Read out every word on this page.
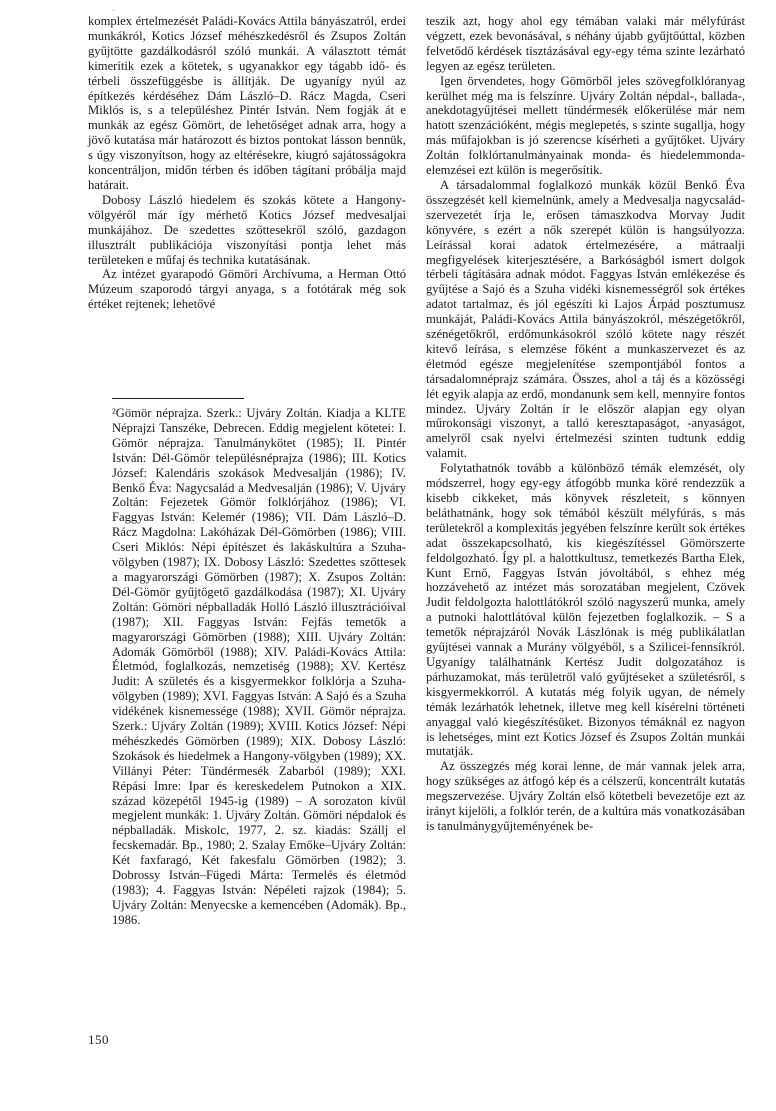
·

komplex értelmezését Paládi-Kovács Attila bányászatról, erdei munkákról, Kotics József méhészkedésről és Zsupos Zoltán gyűjtötte gazdálkodásról szóló munkái. A választott témát kimerítik ezek a kötetek, s ugyanakkor egy tágabb idő- és térbeli összefüggésbe is állítják. De ugyanígy nyúl az építkezés kérdéséhez Dám László–D. Rácz Magda, Cseri Miklós is, s a településhez Pintér István. Nem fogják át e munkák az egész Gömört, de lehetőséget adnak arra, hogy a jövő kutatása már határozott és biztos pontokat lásson bennük, s úgy viszonyítson, hogy az eltérésekre, kiugró sajátosságokra koncentráljon, midőn térben és időben tágítani próbálja majd határait.

Dobosy László hiedelem és szokás kötete a Hangony-völgyéről már így mérhető Kotics József medvesaljai munkájához. De szedettes szőttesekről szóló, gazdagon illusztrált publikációja viszonyítási pontja lehet más területeken e műfaj és technika kutatásának.

Az intézet gyarapodó Gömöri Archívuma, a Herman Ottó Múzeum szaporodó tárgyi anyaga, s a fotótárak még sok értéket rejtenek; lehetővé

²Gömör néprajza. Szerk.: Ujváry Zoltán. Kiadja a KLTE Néprajzi Tanszéke, Debrecen. Eddig megjelent kötetei: I. Gömör néprajza. Tanulmánykötet (1985); II. Pintér István: Dél-Gömör településnéprajza (1986); III. Kotics József: Kalendáris szokások Medvesalján (1986); IV. Benkő Éva: Nagycsalád a Medvesalján (1986); V. Ujváry Zoltán: Fejezetek Gömör folklórjához (1986); VI. Faggyas István: Kelemér (1986); VII. Dám László–D. Rácz Magdolna: Lakóházak Dél-Gömörben (1986); VIII. Cseri Miklós: Népi építészet és lakáskultúra a Szuha-völgyben (1987); IX. Dobosy László: Szedettes szőttesek a magyarországi Gömörben (1987); X. Zsupos Zoltán: Dél-Gömör gyűjtőgető gazdálkodása (1987); XI. Ujváry Zoltán: Gömöri népballadák Holló László illusztrációival (1987); XII. Faggyas István: Fejfás temetők a magyarországi Gömörben (1988); XIII. Ujváry Zoltán: Adomák Gömörből (1988); XIV. Paládi-Kovács Attila: Életmód, foglalkozás, nemzetiség (1988); XV. Kertész Judit: A születés és a kisgyermekkor folklórja a Szuha-völgyben (1989); XVI. Faggyas István: A Sajó és a Szuha vidékének kisnemessége (1988); XVII. Gömör néprajza. Szerk.: Ujváry Zoltán (1989); XVIII. Kotics József: Népi méhészkedés Gömörben (1989); XIX. Dobosy László: Szokások és hiedelmek a Hangony-völgyben (1989); XX. Villányi Péter: Tündérmesék Zabarból (1989); XXI. Répási Imre: Ipar és kereskedelem Putnokon a XIX. század közepétől 1945-ig (1989) – A sorozaton kívül megjelent munkák: 1. Ujváry Zoltán. Gömöri népdalok és népballadák. Miskolc, 1977, 2. sz. kiadás: Szállj el fecskemadár. Bp., 1980; 2. Szalay Emőke–Ujváry Zoltán: Két faxfaragó, Két fakesfalu Gömörben (1982); 3. Dobrossy István–Fügedi Márta: Termelés és életmód (1983); 4. Faggyas István: Népéleti rajzok (1984); 5. Ujváry Zoltán: Menyecske a kemencében (Adomák). Bp., 1986.

teszik azt, hogy ahol egy témában valaki már mélyfúrást végzett, ezek bevonásával, s néhány újabb gyűjtőúttal, közben felvetődő kérdések tisztázásával egy-egy téma szinte lezárható legyen az egész területen.

Igen örvendetes, hogy Gömörből jeles szövegfolklóranyag kerülhet még ma is felszínre. Ujváry Zoltán népdal-, ballada-, anekdotagyűjtései mellett tündérmesék előkerülése már nem hatott szenzációként, mégis meglepetés, s szinte sugallja, hogy más műfajokban is jó szerencse kísérheti a gyűjtőket. Ujváry Zoltán folklórtanulmányainak monda- és hiedelemmonda-elemzései ezt külön is megerősítik.

A társadalommal foglalkozó munkák közül Benkő Éva összegzését kell kiemelnünk, amely a Medvesalja nagycsalád-szervezetét írja le, erősen támaszkodva Morvay Judit könyvére, s ezért a nők szerepét külön is hangsúlyozza. Leírással korai adatok értelmezésére, a mátraalji megfigyelések kiterjesztésére, a Barkóságból ismert dolgok térbeli tágítására adnak módot. Faggyas István emlékezése és gyűjtése a Sajó és a Szuha vidéki kisnemességről sok értékes adatot tartalmaz, és jól egészíti ki Lajos Árpád posztumusz munkáját, Paládi-Kovács Attila bányászokról, mészégetőkről, szénégetőkről, erdőmunkásokról szóló kötete nagy részét kitevő leírása, s elemzése főként a munkaszervezet és az életmód egésze megjelenítése szempontjából fontos a társadalomnéprajz számára. Összes, ahol a táj és a közösségi lét egyik alapja az erdő, mondanunk sem kell, mennyire fontos mindez. Ujváry Zoltán ír le először alapjan egy olyan műrokonsági viszonyt, a talló keresztapaságot, -anyaságot, amelyről csak nyelvi értelmezési szinten tudtunk eddig valamit.

Folytathatnók tovább a különböző témák elemzését, oly módszerrel, hogy egy-egy átfogóbb munka köré rendezzük a kisebb cikkeket, más könyvek részleteit, s könnyen beláthatnánk, hogy sok témából készült mélyfúrás, s más területekről a komplexitás jegyében felszínre került sok értékes adat összekapcsolható, kis kiegészítéssel Gömörszerte feldolgozható. Így pl. a halottkultusz, temetkezés Bartha Elek, Kunt Ernő, Faggyas István jóvoltából, s ehhez még hozzávehető az intézet más sorozatában megjelent, Czövek Judit feldolgozta halottlátókról szóló nagyszerű munka, amely a putnoki halottlátóval külön fejezetben foglalkozik. – S a temetők néprajzáról Novák Lászlónak is még publikálatlan gyűjtései vannak a Murány völgyéből, s a Szilicei-fennsíkról. Ugyanígy találhatnánk Kertész Judit dolgozatához is párhuzamokat, más területről való gyűjtéseket a születésről, s kisgyermekkorról. A kutatás még folyik ugyan, de némely témák lezárhatók lehetnek, illetve meg kell kísérelni történeti anyaggal való kiegészítésüket. Bizonyos témáknál ez nagyon is lehetséges, mint ezt Kotics József és Zsupos Zoltán munkái mutatják.

Az összegzés még korai lenne, de már vannak jelek arra, hogy szükséges az átfogó kép és a célszerű, koncentrált kutatás megszervezése. Ujváry Zoltán első kötetbeli bevezetője ezt az irányt kijelöli, a folklór terén, de a kultúra más vonatkozásában is tanulmánygyűjteményének be-

150
